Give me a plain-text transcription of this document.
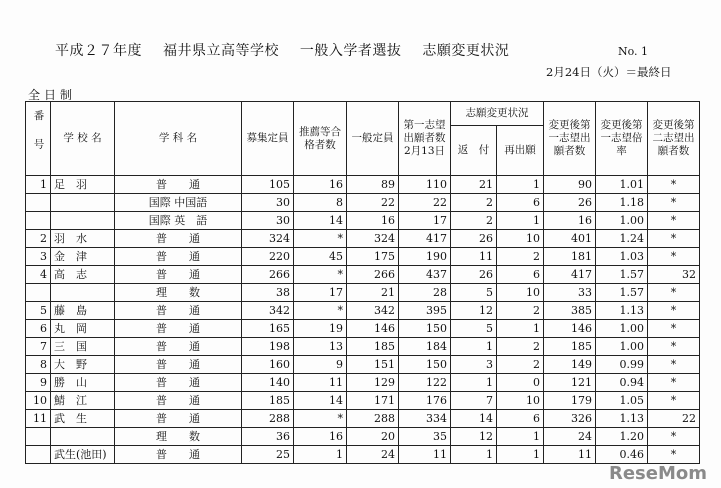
平成２７年度 福井県立高等学校 一般入学者選抜 志願変更状況	No. 1
2月24日（火）＝最終日
全日制
番号	学 校 名	学 科 名	募集定員	推薦等合格者数	一般定員	第一志望出願者数2月13日	志願変更状況		変更後第一志望出願者数	変更後第一志望倍　率	変更後第二志望出願者数
							返　付	再出願			
1	足　羽	普　　通	105	16	89	110	21	1	90	1.01	*
		国際 中国語	30	8	22	22	2	6	26	1.18	*
		国際 英　語	30	14	16	17	2	1	16	1.00	*
2	羽　水	普　　通	324	*	324	417	26	10	401	1.24	*
3	金　津	普　　通	220	45	175	190	11	2	181	1.03	*
4	高　志	普　　通	266	*	266	437	26	6	417	1.57	32
		理　　数	38	17	21	28	5	10	33	1.57	*
5	藤　島	普　　通	342	*	342	395	12	2	385	1.13	*
6	丸　岡	普　　通	165	19	146	150	5	1	146	1.00	*
7	三　国	普　　通	198	13	185	184	1	2	185	1.00	*
8	大　野	普　　通	160	9	151	150	3	2	149	0.99	*
9	勝　山	普　　通	140	11	129	122	1	0	121	0.94	*
10	鯖　江	普　　通	185	14	171	176	7	10	179	1.05	*
11	武　生	普　　通	288	*	288	334	14	6	326	1.13	22
		理　　数	36	16	20	35	12	1	24	1.20	*
	武生(池田)	普　　通	25	1	24	11	1	1	11	0.46	*
ReseMom
